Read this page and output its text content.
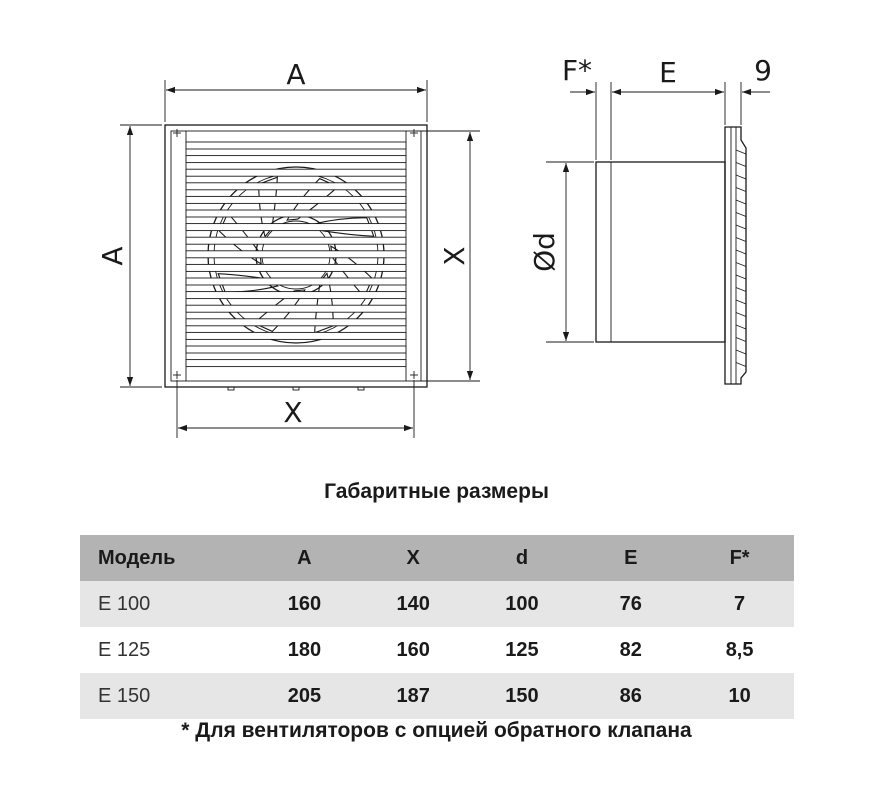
A
A	X
X
Ød
F* E	9
Габаритные размеры
Модель	A	X	d	E	F*
E 100	160	140	100	76	7
E 125	180	160	125	82	8,5
E 150	205	187	150	86	10
* Для вентиляторов с опцией обратного клапана
